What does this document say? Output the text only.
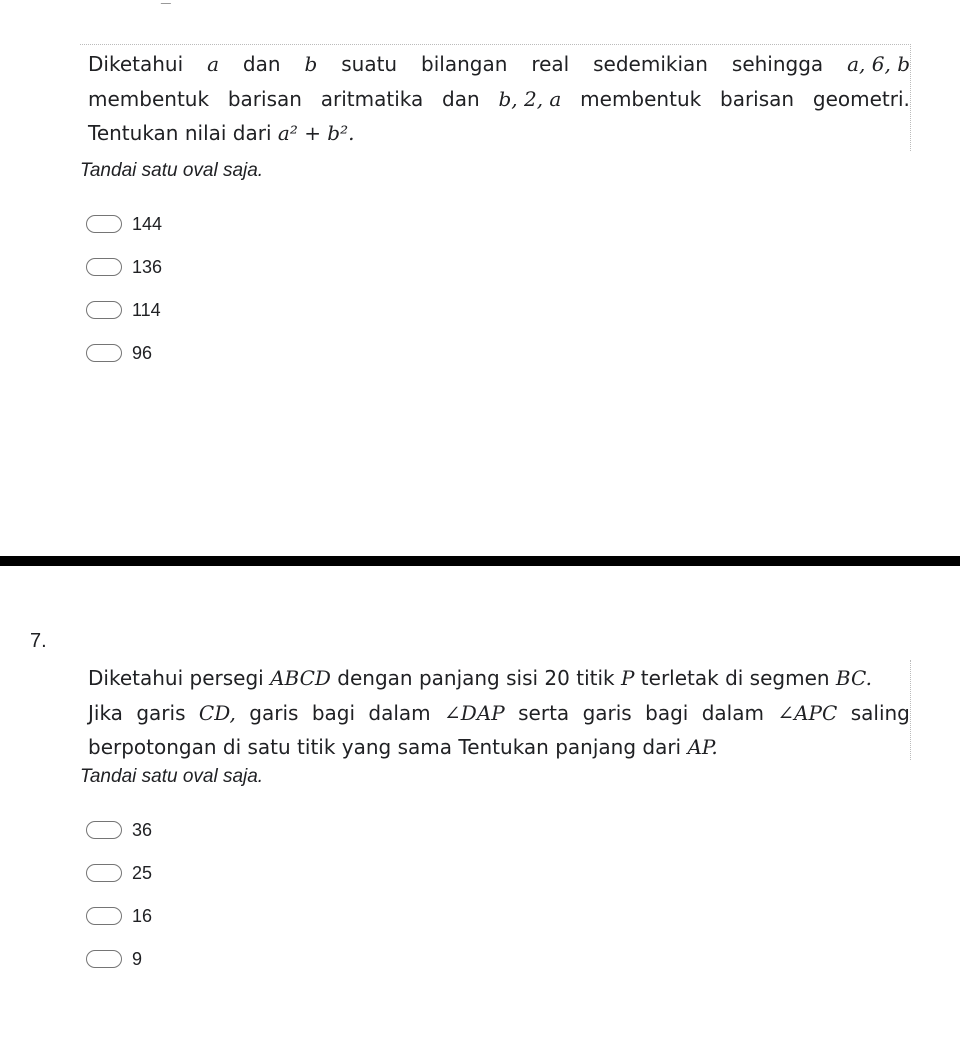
Diketahui a dan b suatu bilangan real sedemikian sehingga a, 6, b
membentuk barisan aritmatika dan b, 2, a membentuk barisan geometri.
Tentukan nilai dari a² + b².
Tandai satu oval saja.
144
136
114
96
7.
Diketahui persegi ABCD dengan panjang sisi 20 titik P terletak di segmen BC.
Jika garis CD, garis bagi dalam ∠DAP serta garis bagi dalam ∠APC saling
berpotongan di satu titik yang sama Tentukan panjang dari AP.
Tandai satu oval saja.
36
25
16
9
